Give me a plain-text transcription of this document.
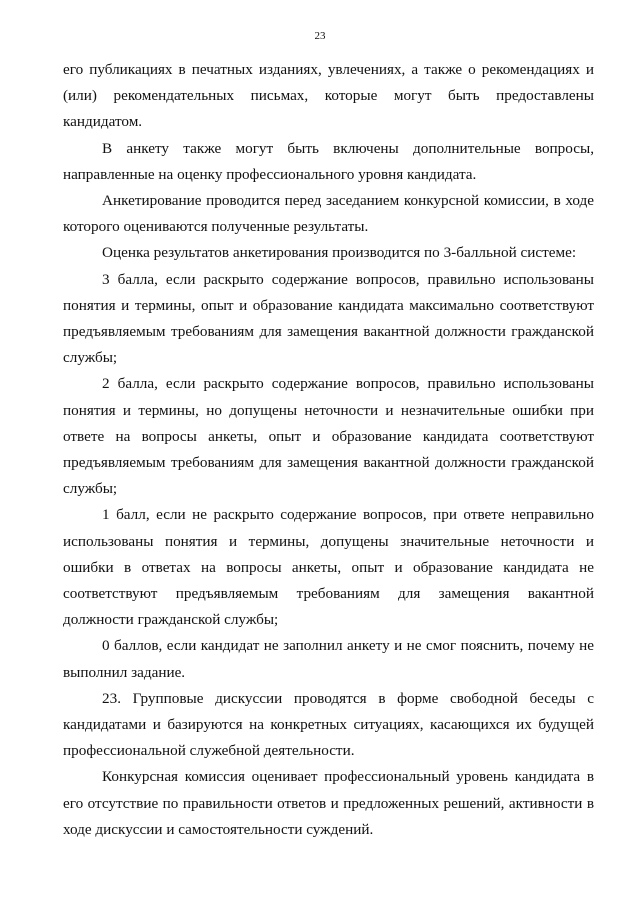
23

его публикациях в печатных изданиях, увлечениях, а также о рекомендациях и (или) рекомендательных письмах, которые могут быть предоставлены кандидатом.

В анкету также могут быть включены дополнительные вопросы, направленные на оценку профессионального уровня кандидата.

Анкетирование проводится перед заседанием конкурсной комиссии, в ходе которого оцениваются полученные результаты.

Оценка результатов анкетирования производится по 3-балльной системе:

3 балла, если раскрыто содержание вопросов, правильно использованы понятия и термины, опыт и образование кандидата максимально соответствуют предъявляемым требованиям для замещения вакантной должности гражданской службы;

2 балла, если раскрыто содержание вопросов, правильно использованы понятия и термины, но допущены неточности и незначительные ошибки при ответе на вопросы анкеты, опыт и образование кандидата соответствуют предъявляемым требованиям для замещения вакантной должности гражданской службы;

1 балл, если не раскрыто содержание вопросов, при ответе неправильно использованы понятия и термины, допущены значительные неточности и ошибки в ответах на вопросы анкеты, опыт и образование кандидата не соответствуют предъявляемым требованиям для замещения вакантной должности гражданской службы;

0 баллов, если кандидат не заполнил анкету и не смог пояснить, почему не выполнил задание.

23. Групповые дискуссии проводятся в форме свободной беседы с кандидатами и базируются на конкретных ситуациях, касающихся их будущей профессиональной служебной деятельности.

Конкурсная комиссия оценивает профессиональный уровень кандидата в его отсутствие по правильности ответов и предложенных решений, активности в ходе дискуссии и самостоятельности суждений.
